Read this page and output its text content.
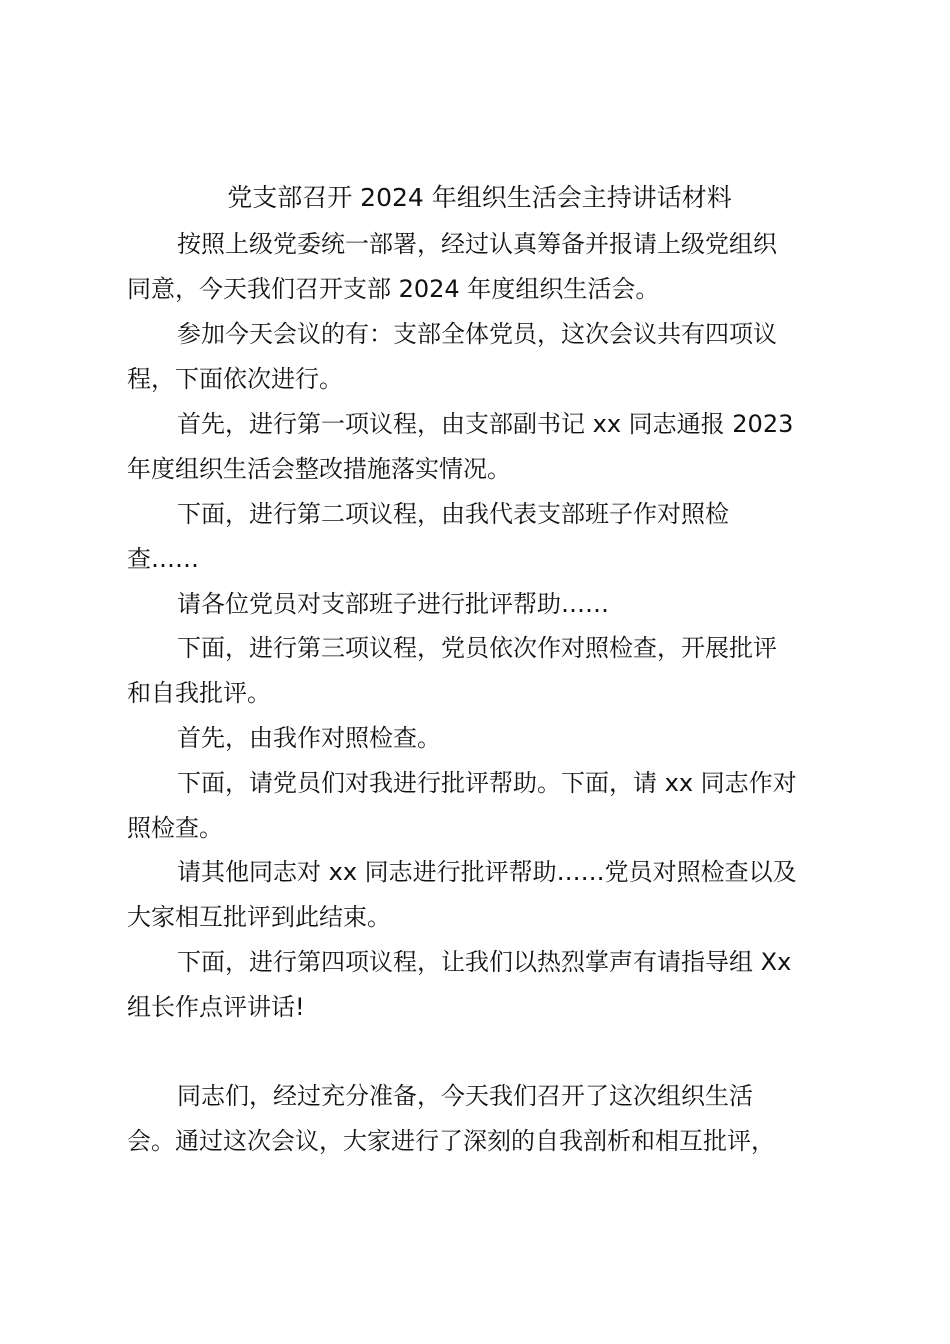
党支部召开 2024 年组织生活会主持讲话材料
按照上级党委统一部署，经过认真筹备并报请上级党组织
同意，今天我们召开支部 2024 年度组织生活会。
参加今天会议的有：支部全体党员，这次会议共有四项议
程，下面依次进行。
首先，进行第一项议程，由支部副书记 xx 同志通报 2023
年度组织生活会整改措施落实情况。
下面，进行第二项议程，由我代表支部班子作对照检
查……
请各位党员对支部班子进行批评帮助……
下面，进行第三项议程，党员依次作对照检查，开展批评
和自我批评。
首先，由我作对照检查。
下面，请党员们对我进行批评帮助。下面，请 xx 同志作对
照检查。
请其他同志对 xx 同志进行批评帮助……党员对照检查以及
大家相互批评到此结束。
下面，进行第四项议程，让我们以热烈掌声有请指导组 Xx
组长作点评讲话!
同志们，经过充分准备，今天我们召开了这次组织生活
会。通过这次会议，大家进行了深刻的自我剖析和相互批评，
